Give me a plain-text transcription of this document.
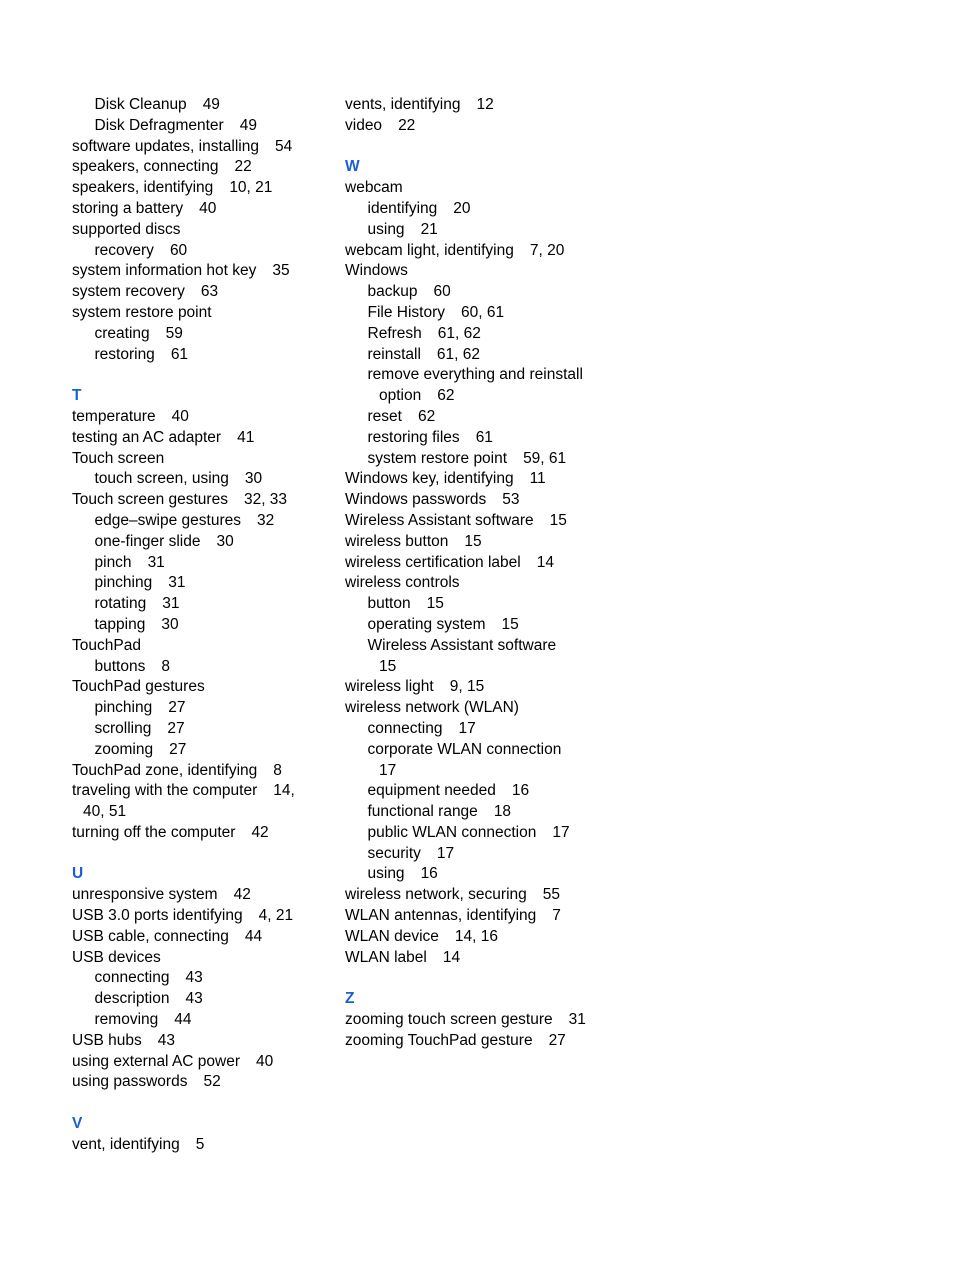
Disk Cleanup 49
Disk Defragmenter 49
software updates, installing 54
speakers, connecting 22
speakers, identifying 10, 21
storing a battery 40
supported discs
recovery 60
system information hot key 35
system recovery 63
system restore point
creating 59
restoring 61
T
temperature 40
testing an AC adapter 41
Touch screen
touch screen, using 30
Touch screen gestures 32, 33
edge–swipe gestures 32
one-finger slide 30
pinch 31
pinching 31
rotating 31
tapping 30
TouchPad
buttons 8
TouchPad gestures
pinching 27
scrolling 27
zooming 27
TouchPad zone, identifying 8
traveling with the computer 14,
40, 51
turning off the computer 42
U
unresponsive system 42
USB 3.0 ports identifying 4, 21
USB cable, connecting 44
USB devices
connecting 43
description 43
removing 44
USB hubs 43
using external AC power 40
using passwords 52
V
vent, identifying 5
vents, identifying 12
video 22
W
webcam
identifying 20
using 21
webcam light, identifying 7, 20
Windows
backup 60
File History 60, 61
Refresh 61, 62
reinstall 61, 62
remove everything and reinstall
option 62
reset 62
restoring files 61
system restore point 59, 61
Windows key, identifying 11
Windows passwords 53
Wireless Assistant software 15
wireless button 15
wireless certification label 14
wireless controls
button 15
operating system 15
Wireless Assistant software
15
wireless light 9, 15
wireless network (WLAN)
connecting 17
corporate WLAN connection
17
equipment needed 16
functional range 18
public WLAN connection 17
security 17
using 16
wireless network, securing 55
WLAN antennas, identifying 7
WLAN device 14, 16
WLAN label 14
Z
zooming touch screen gesture 31
zooming TouchPad gesture 27
